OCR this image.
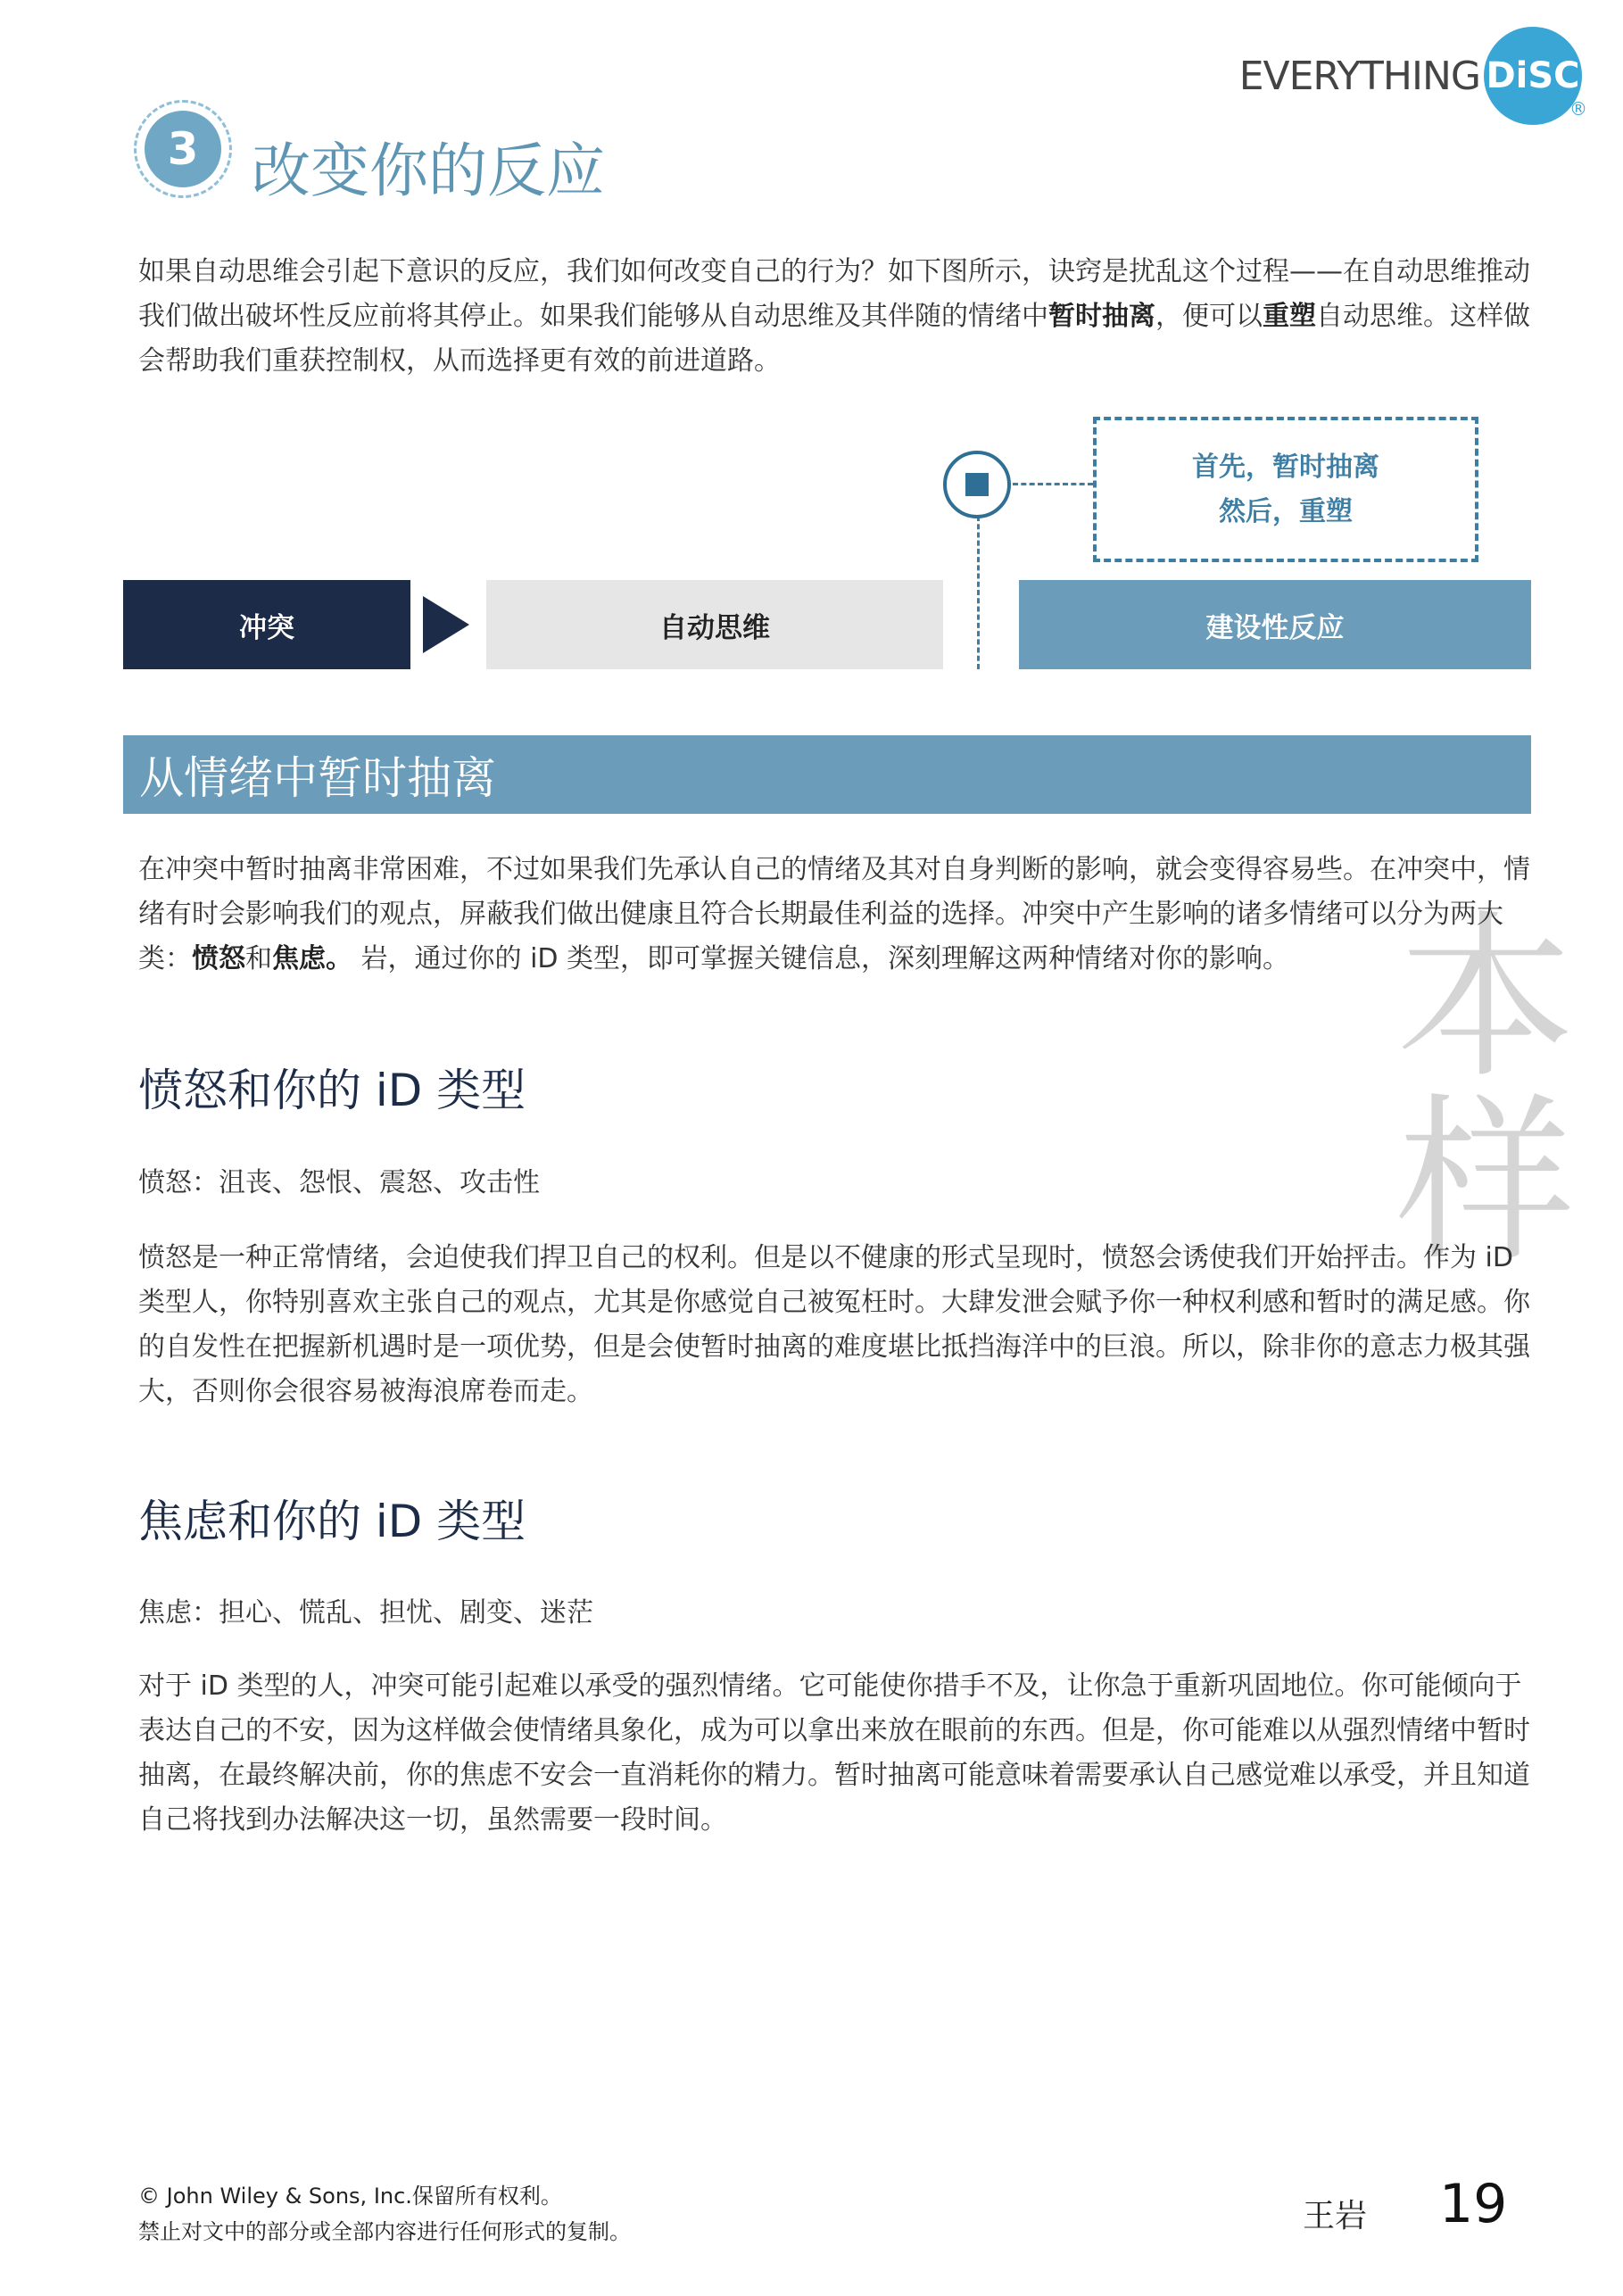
EVERYTHING DiSC
®
3 改变你的反应
如果自动思维会引起下意识的反应，我们如何改变自己的行为？如下图所示，诀窍是扰乱这个过程——在自动思维推动我们做出破坏性反应前将其停止。如果我们能够从自动思维及其伴随的情绪中暂时抽离，便可以重塑自动思维。这样做会帮助我们重获控制权，从而选择更有效的前进道路。
首先，暂时抽离
然后，重塑
冲突	自动思维	建设性反应
从情绪中暂时抽离
在冲突中暂时抽离非常困难，不过如果我们先承认自己的情绪及其对自身判断的影响，就会变得容易些。在冲突中，情绪有时会影响我们的观点，屏蔽我们做出健康且符合长期最佳利益的选择。冲突中产生影响的诸多情绪可以分为两大类：愤怒和焦虑。 岩，通过你的 iD 类型，即可掌握关键信息，深刻理解这两种情绪对你的影响。 本
样
愤怒和你的 iD 类型
愤怒：沮丧、怨恨、震怒、攻击性
愤怒是一种正常情绪，会迫使我们捍卫自己的权利。但是以不健康的形式呈现时，愤怒会诱使我们开始抨击。作为 iD 类型人，你特别喜欢主张自己的观点，尤其是你感觉自己被冤枉时。大肆发泄会赋予你一种权利感和暂时的满足感。你的自发性在把握新机遇时是一项优势，但是会使暂时抽离的难度堪比抵挡海洋中的巨浪。所以，除非你的意志力极其强大，否则你会很容易被海浪席卷而走。
焦虑和你的 iD 类型
焦虑：担心、慌乱、担忧、剧变、迷茫
对于 iD 类型的人，冲突可能引起难以承受的强烈情绪。它可能使你措手不及，让你急于重新巩固地位。你可能倾向于表达自己的不安，因为这样做会使情绪具象化，成为可以拿出来放在眼前的东西。但是，你可能难以从强烈情绪中暂时抽离，在最终解决前，你的焦虑不安会一直消耗你的精力。暂时抽离可能意味着需要承认自己感觉难以承受，并且知道自己将找到办法解决这一切，虽然需要一段时间。
© John Wiley & Sons, Inc.保留所有权利。
禁止对文中的部分或全部内容进行任何形式的复制。	王岩 19
